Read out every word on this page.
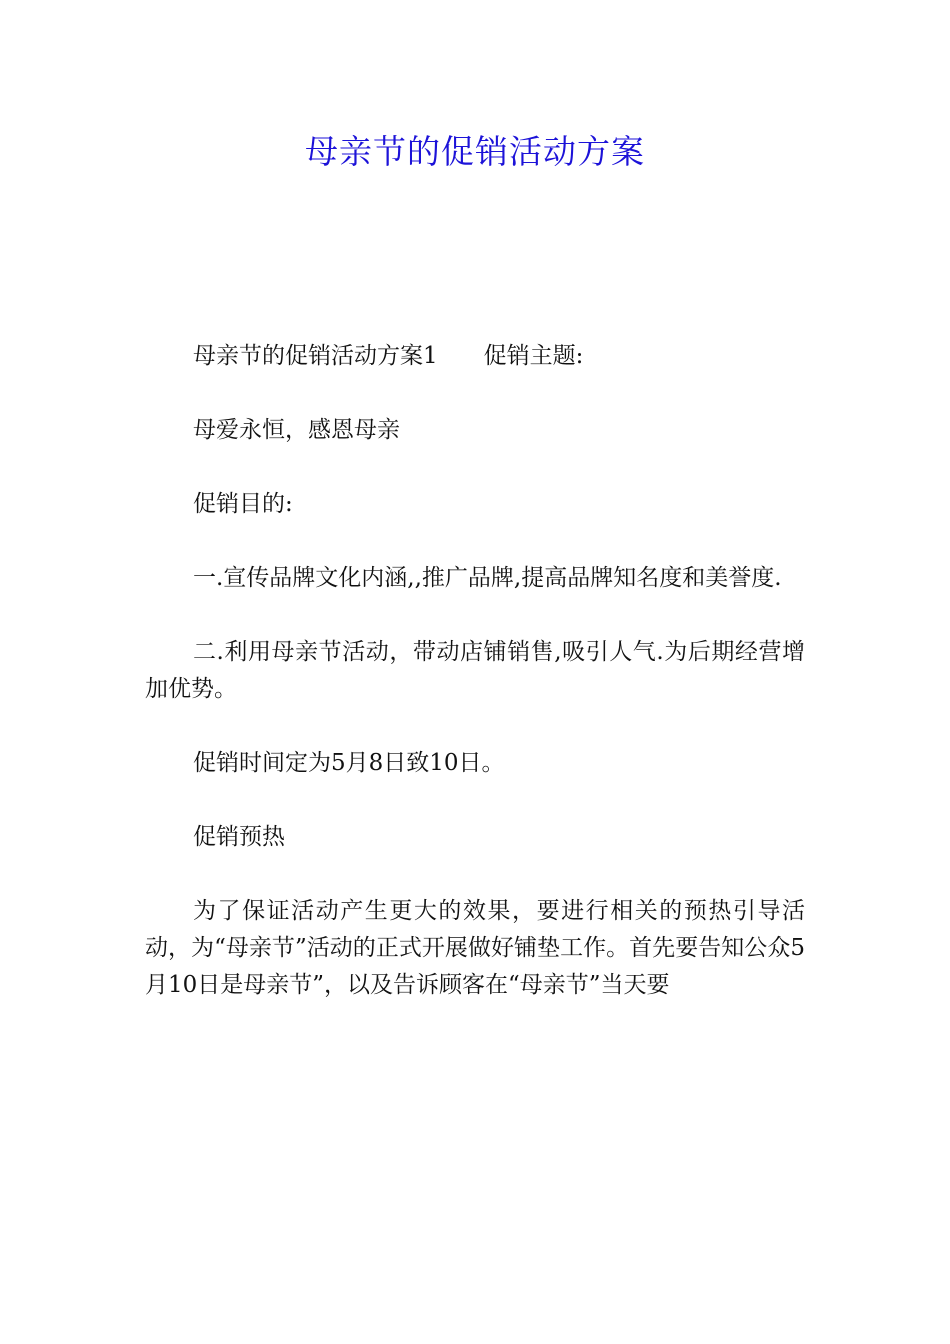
母亲节的促销活动方案

母亲节的促销活动方案1 促销主题:

母爱永恒，感恩母亲

促销目的:

一.宣传品牌文化内涵,,推广品牌,提高品牌知名度和美誉度.

二.利用母亲节活动，带动店铺销售,吸引人气.为后期经营增加优势。

促销时间定为5月8日致10日。

促销预热

为了保证活动产生更大的效果，要进行相关的预热引导活动，为“母亲节”活动的正式开展做好铺垫工作。首先要告知公众5月10日是母亲节”，以及告诉顾客在“母亲节”当天要
